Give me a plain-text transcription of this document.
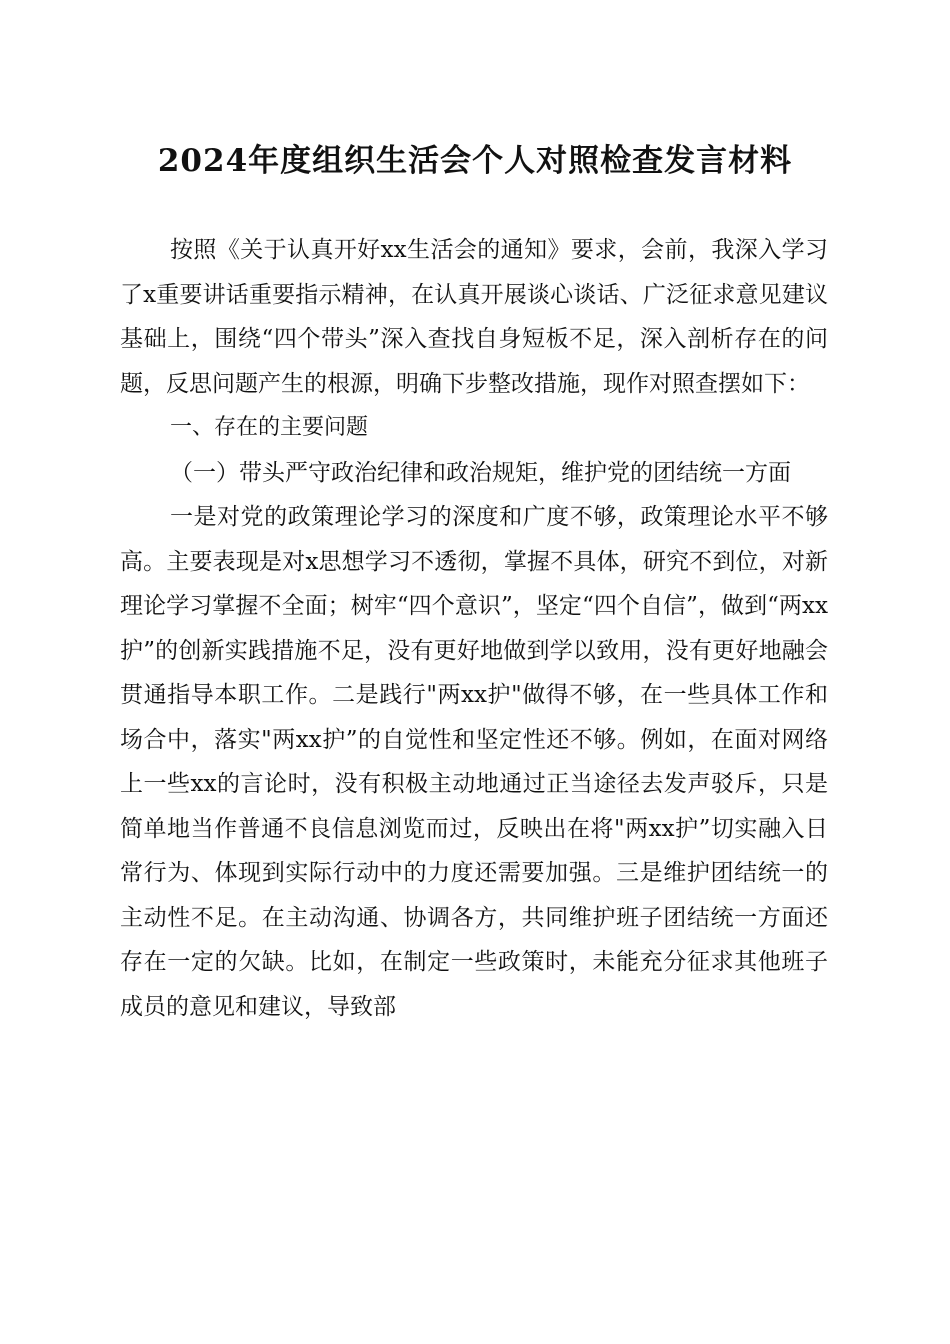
2024年度组织生活会个人对照检查发言材料

按照《关于认真开好xx生活会的通知》要求，会前，我深入学习了x重要讲话重要指示精神，在认真开展谈心谈话、广泛征求意见建议基础上，围绕“四个带头”深入查找自身短板不足，深入剖析存在的问题，反思问题产生的根源，明确下步整改措施，现作对照查摆如下：

一、存在的主要问题

（一）带头严守政治纪律和政治规矩，维护党的团结统一方面

一是对党的政策理论学习的深度和广度不够，政策理论水平不够高。主要表现是对x思想学习不透彻，掌握不具体，研究不到位，对新理论学习掌握不全面；树牢“四个意识”，坚定“四个自信”，做到“两xx护”的创新实践措施不足，没有更好地做到学以致用，没有更好地融会贯通指导本职工作。二是践行"两xx护"做得不够，在一些具体工作和场合中，落实"两xx护”的自觉性和坚定性还不够。例如，在面对网络上一些xx的言论时，没有积极主动地通过正当途径去发声驳斥，只是简单地当作普通不良信息浏览而过，反映出在将"两xx护”切实融入日常行为、体现到实际行动中的力度还需要加强。三是维护团结统一的主动性不足。在主动沟通、协调各方，共同维护班子团结统一方面还存在一定的欠缺。比如，在制定一些政策时，未能充分征求其他班子成员的意见和建议，导致部
